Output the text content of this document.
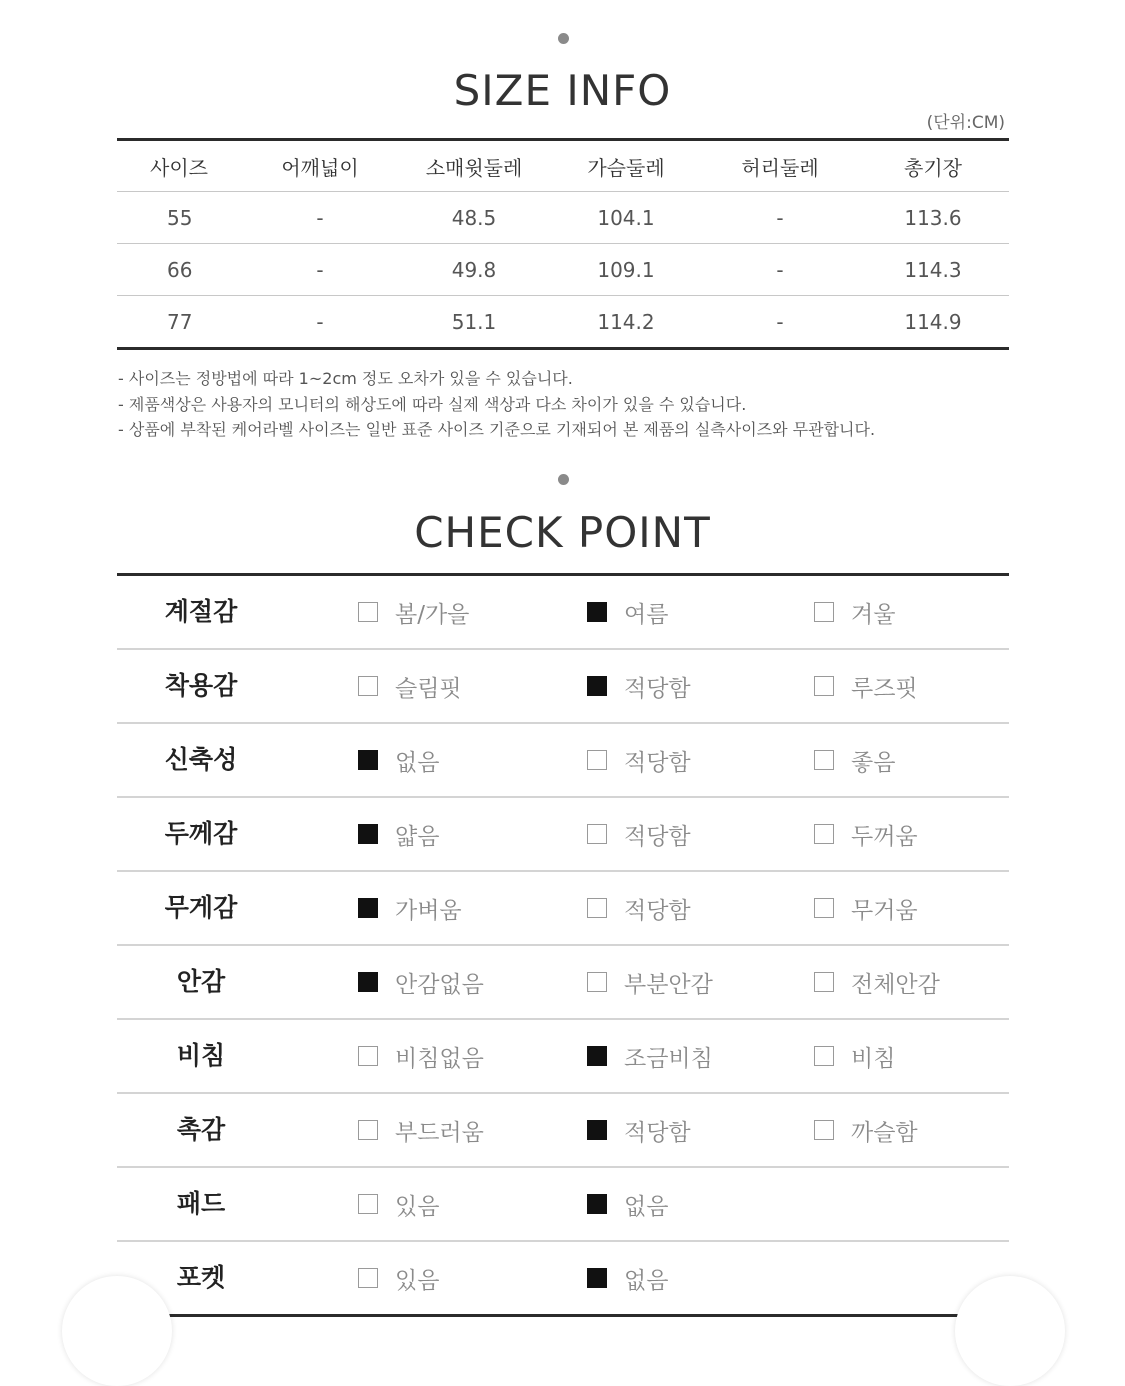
SIZE INFO
(단위:CM)
사이즈	어깨넓이	소매윗둘레	가슴둘레	허리둘레	총기장
55	-	48.5	104.1	-	113.6
66	-	49.8	109.1	-	114.3
77	-	51.1	114.2	-	114.9
- 사이즈는 정방법에 따라 1~2cm 정도 오차가 있을 수 있습니다.
- 제품색상은 사용자의 모니터의 해상도에 따라 실제 색상과 다소 차이가 있을 수 있습니다.
- 상품에 부착된 케어라벨 사이즈는 일반 표준 사이즈 기준으로 기재되어 본 제품의 실측사이즈와 무관합니다.
CHECK POINT
계절감	봄/가을	여름	겨울
착용감	슬림핏	적당함	루즈핏
신축성	없음	적당함	좋음
두께감	얇음	적당함	두꺼움
무게감	가벼움	적당함	무거움
안감	안감없음	부분안감	전체안감
비침	비침없음	조금비침	비침
촉감	부드러움	적당함	까슬함
패드	있음	없음
포켓	있음	없음
